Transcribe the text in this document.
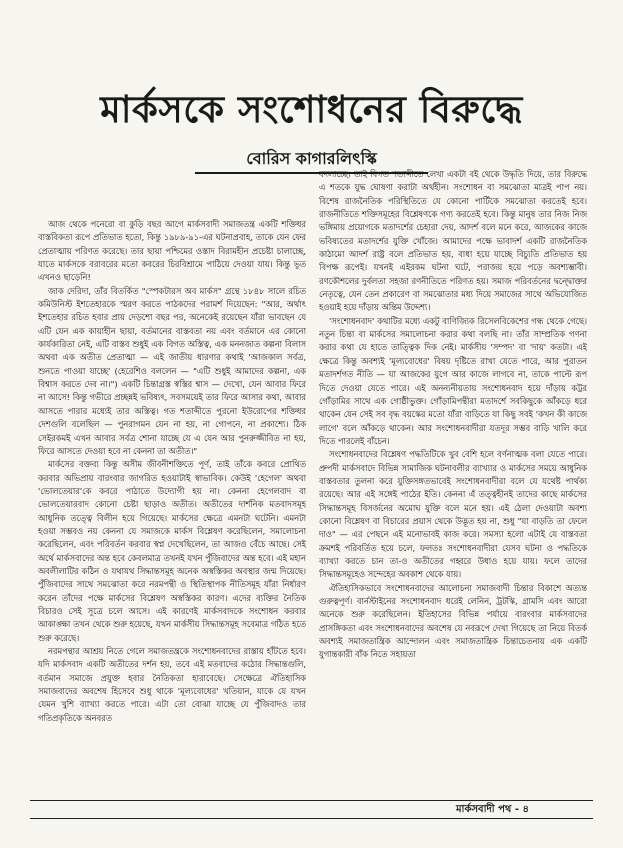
মার্কসকে সংশোধনের বিরুদ্ধে
বোরিস কাগারলিৎস্কি

আজ থেকে পনেরো বা কুড়ি বছর আগে মার্কসবাদী সমাজতন্ত্র একটি শক্তিধর বাস্তবিকতা রূপে প্রতিভাত হতো, কিন্তু ১৯৮৯-৯১-এর ঘটনাপ্রবাহ, তাকে যেন ফের প্রেতাত্মায় পরিণত করেছে। তার ছায়া পশ্চিমের ওস্তাদ বিরামহীন প্রচেষ্টা চালাচ্ছে, যাতে মার্কসকে বরাবরের মতো কবরের চিরবিশ্রামে পাঠিয়ে দেওয়া যায়। কিন্তু ভূত এখনও ছাড়েনি!

জাক দেরিদা, তাঁর বিতর্কিত "স্পেকটারস অব মার্কস" গ্রন্থে ১৮৪৮ সালে রচিত কমিউনিস্ট ইশতেহারকে স্মরণ করতে পাঠকদের পরামর্শ দিয়েছেন: "আর, অর্থাৎ ইশতেহার রচিত হবার প্রায় দেড়শো বছর পর, অনেকেই রয়েছেন যাঁরা ভাবছেন যে এটি যেন এক কায়াহীন ছায়া, বর্তমানের বাস্তবতা নয় এবং বর্তমানে এর কোনো কার্যকারিতা নেই, এটি বাস্তব শুধুই এক বিগত অস্তিত্ব, এক মননজাত কল্পনা বিলাস অথবা এক অতীত প্রেতাত্মা — এই জাতীয় ধারণার কথাই 'আজকাল সর্বত্র, শুনতে পাওয়া যাচ্ছে' (হেরেশিও বললেন — "এটি শুধুই আমাদের কল্পনা, এক বিশ্বাস করতে দেব না।") একটি চিন্তাগ্রস্ত স্বস্তির শ্বাস — দেখো, যেন আবার ফিরে না আসে! কিন্তু গভীরে প্রচ্ছন্নই ভবিষ্যৎ, সবসময়েই তার ফিরে আসার কথা, আবার আসতে পারার মধ্যেই তার অস্তিত্ব। গত শতাব্দীতে পুরনো ইউরোপের শক্তিধর দেশগুলি বলেছিল — পুনরাগমন যেন না হয়, না গোপনে, না প্রকাশ্যে। ঠিক সেইরকমই এখন আবার সর্বত্র শোনা যাচ্ছে যে এ যেন আর পুনরুজ্জীবিত না হয়, ফিরে আসতে দেওয়া হবে না কেননা তা অতীত।"

মার্কসের বক্তব্য কিন্তু অসীম জীবনীশক্তিতে পূর্ণ, তাই তাঁকে কবরে প্রোথিত করবার অভিপ্রায় বারংবার জাগরিত হওয়াটাই স্বাভাবিক। কেউই 'হেগেল' অথবা 'ভোলতেয়ার'কে কবরে পাঠাতে উদ্যোগী হয় না। কেননা হেগেলবাদ বা ভোলতেয়ারবাদ কোনো চেষ্টা ছাড়াও অতীত। অতীতের দার্শনিক মতবাদসমূহ আধুনিক তত্ত্বে বিলীন হয়ে গিয়েছে। মার্কসের ক্ষেত্রে এমনটা ঘটেনি। এমনটা হওয়া সম্ভবও নয় কেননা যে সমাজকে মার্কস বিশ্লেষণ করেছিলেন, সমালোচনা করেছিলেন, এবং পরিবর্তন করবার স্বপ্ন দেখেছিলেন, তা আজও বেঁচে আছে। সেই অর্থে মার্কসবাদের অন্ত হবে কেবলমাত্র তখনই যখন পুঁজিবাদের অন্ত হবে। এই মহান অবলীলাটির কঠিন ও যথাযথ সিদ্ধান্তসমূহ অনেক অস্বস্তিকর অবস্থার জন্ম দিয়েছে। পুঁজিবাদের সাথে সমঝোতা করে নরমপন্থী ও স্থিতিস্থাপক নীতিসমূহ যাঁরা নির্ধারণ করেন তাঁদের পক্ষে মার্কসের বিশ্লেষণ অস্বস্তিকর কারণ। এদের ব্যক্তির নৈতিক বিচারও সেই সূত্রে চলে আসে। এই কারণেই মার্কসবাদকে সংশোধন করবার আকাঙ্ক্ষা তখন থেকে শুরু হয়েছে, যখন মার্কসীয় সিদ্ধান্তসমূহ সবেমাত্র গঠিত হতে শুরু করেছে।

নরমপন্থার আশ্রয় নিতে গেলে সমাজতন্ত্রকে সংশোধনবাদের রাস্তায় হাঁটতে হবে। যদি মার্কসবাদ একটি অতীতের দর্শন হয়, তবে এই মতবাদের কঠোর সিদ্ধান্তগুলি, বর্তমান সমাজে প্রযুক্ত হবার নৈতিকতা হারাবেছে। সেক্ষেত্রে ঐতিহাসিক সমাজবাদের অবশেষ হিসেবে শুধু থাকে 'মূল্যবোধের' খতিয়ান, যাকে যে যখন যেমন খুশি ব্যাখ্যা করতে পারে। এটা তো বোঝা যাচ্ছে যে পুঁজিবাদও তার গতিপ্রকৃতিকে অনবরত

বদলাচ্ছে। তাই বিগত শতাব্দীতে লেখা একটা বই থেকে উদ্ধৃতি দিয়ে, তার বিরুদ্ধে এ শতকে যুদ্ধ ঘোষণা করাটা অর্থহীন। সংশোধন বা সমঝোতা মাত্রই পাপ নয়। বিশেষ রাজনৈতিক পরিস্থিতিতে যে কোনো পার্টিকে সমঝোতা করতেই হবে। রাজনীতিতে শক্তিসমূহের বিশ্লেষণকে গণ্য করতেই হবে। কিন্তু মানুষ তার নিজ নিজ ভঙ্গিমায় প্রয়োগকে মতাদর্শের চেহারা দেয়, আদর্শ বলে মনে করে, আজকের কাজে ভবিষ্যতের মতাদর্শের যুক্তি খোঁজে। আমাদের পক্ষে ভাবাদর্শ একটি রাজনৈতিক কাঠামো আদর্শ রাষ্ট্র বলে প্রতিভাত হয়, বাধা হয়ে যাচ্ছে বিচ্যুতি প্রতিভাত হয় বিপক্ষ রূপেই। যখনই এইরকম ঘটনা ঘটে, পরাজয় হয়ে পড়ে অবশ্যম্ভাবী। রণকৌশলের দুর্বলতা সহজা রণনীতিতে পরিণত হয়। সমাজ পরিবর্তনের দ্বন্দ্বোক্তর নেতৃত্বে, যেন তেন প্রকারেণ বা সমঝোতার মধ্য দিয়ে সমাজের সাথে অভিযোজিত হওয়াই হয়ে দাঁড়ায় অন্তিম উদ্দেশ্য।

'সংশোধনবাদ' কথাটির মধ্যে একটু বাণিজ্যিক রিসেলবিকেশের গন্ধ থেকে গেছে। নতুন চিন্তা বা মার্কসের সমালোচনা করার কথা বলছি না। তাঁর সাম্প্রতিক গণনা করার কথা যে হাতে তাত্ত্বিক দিক নেই। মার্কসীয় 'সম্পদ' বা 'দায়' কতটা। এই ক্ষেত্রে কিন্তু অবশ্যই 'মূল্যবোধের' বিষয় দৃষ্টিতে রাখা যেতে পারে, আর পুরাতন মতাদর্শগত নীতি — যা আজকের যুগে আর কাজে লাগবে না, তাকে পাল্টে রূপ দিতে দেওয়া যেতে পারে। এই অনন্যনীয়তায় সংশোধনবাদ হয়ে দাঁড়ায় কট্টর গোঁড়ামির সাথে এক গোষ্ঠীভুক্ত। গোঁড়ামিপন্থীরা মতাদর্শে সবকিছুকে আঁকড়ে ধরে থাকেন যেন সেই সব বৃদ্ধ বয়স্কের মতো যাঁরা বাড়িতে যা কিছু সবই 'কখন কী কাজে লাগে' বলে আঁকড়ে থাকেন। আর সংশোধনবাদীরা যতদূর সম্ভব বাড়ি খালি করে দিতে পারলেই বাঁচেন।

সংশোধনবাদের বিশ্লেষণ পদ্ধতিটিকে খুব বেশি হলে বর্ণনাত্মক বলা যেতে পারে। প্রুপদী মার্কসবাদে বিভিন্ন সামাজিক ঘটনাবলীর ব্যাখ্যার ও মার্কসের সময়ে আধুনিক বাস্তবতার তুলনা করে যুক্তিসঙ্গতভাবেই সংশোধনবাদীরা বলে যে যথেষ্ট পার্থক্য রয়েছে। আর এই সঙ্গেই পাঠের ইতি। কেননা এঁ তত্ত্বহীনই তাদের কাছে মার্কসের সিদ্ধান্তসমূহ বিসর্জনের অমোঘ যুক্তি বলে মনে হয়। এই ঠেলা দেওয়াটা অবশ্য কোনো বিশ্লেষণ বা বিচারের প্রয়াস থেকে উদ্ভূত হয় না, শুধু "যা বাড়তি তা ফেলে দাও" — এর পেছনে এই মনোভাবই কাজ করে। সমস্যা হলো এটাই যে বাস্তবতা ক্রমশই পরিবর্তিত হয়ে চলে, ফলতঃ সংশোধনবাদীরা যেসব ঘটনা ও পদ্ধতিকে ব্যাখ্যা করতে চান তা-ও অতীতের গহ্বরে উধাও হয়ে যায়। ফলে তাদের সিদ্ধান্তসমূহেও সন্দেহের অবকাশ থেকে যায়।

ঐতিহাসিকভাবে সংশোধনবাদের আলোচনা সমাজবাদী চিন্তার বিকাশে অত্যন্ত গুরুত্বপূর্ণ। বার্নস্টাইনের সংশোধনবাদ ধরেই লেনিন, ট্রটস্কি, গ্রামসি এবং আরো অনেকে শুরু করেছিলেন। ইতিহাসের বিভিন্ন পর্যায়ে বারংবার মার্কসবাদের প্রাসঙ্গিকতা এবং সংশোধনবাদের অবশেষ যে নবরূপে দেখা গিয়েছে তা নিয়ে বিতর্ক অবশ্যই সমাজতান্ত্রিক আন্দোলন এবং সমাজতান্ত্রিক চিন্তাচেতনায় এক একটি যুগান্তকারী বাঁক নিতে সহায়তা

মার্কসবাদী পথ - ৪
